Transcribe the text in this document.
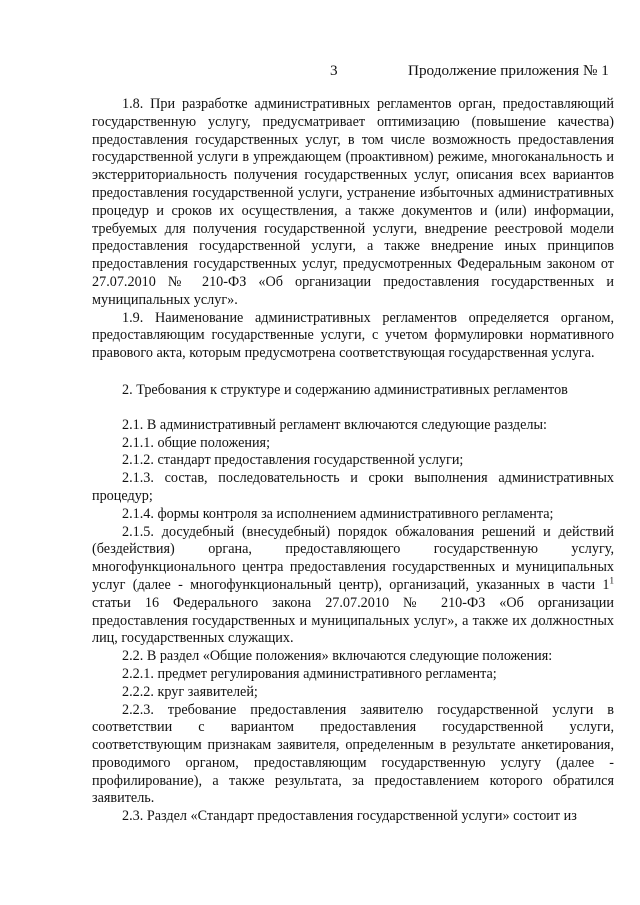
3	Продолжение приложения № 1

1.8. При разработке административных регламентов орган, предоставляющий государственную услугу, предусматривает оптимизацию (повышение качества) предоставления государственных услуг, в том числе возможность предоставления государственной услуги в упреждающем (проактивном) режиме, многоканальность и экстерриториальность получения государственных услуг, описания всех вариантов предоставления государственной услуги, устранение избыточных административных процедур и сроков их осуществления, а также документов и (или) информации, требуемых для получения государственной услуги, внедрение реестровой модели предоставления государственной услуги, а также внедрение иных принципов предоставления государственных услуг, предусмотренных Федеральным законом от 27.07.2010 № 210-ФЗ «Об организации предоставления государственных и муниципальных услуг».

1.9. Наименование административных регламентов определяется органом, предоставляющим государственные услуги, с учетом формулировки нормативного правового акта, которым предусмотрена соответствующая государственная услуга.

2. Требования к структуре и содержанию административных регламентов

2.1. В административный регламент включаются следующие разделы:

2.1.1. общие положения;

2.1.2. стандарт предоставления государственной услуги;

2.1.3. состав, последовательность и сроки выполнения административных процедур;

2.1.4. формы контроля за исполнением административного регламента;

2.1.5. досудебный (внесудебный) порядок обжалования решений и действий (бездействия) органа, предоставляющего государственную услугу, многофункционального центра предоставления государственных и муниципальных услуг (далее - многофункциональный центр), организаций, указанных в части $1^1$ статьи 16 Федерального закона 27.07.2010 № 210-ФЗ «Об организации предоставления государственных и муниципальных услуг», а также их должностных лиц, государственных служащих.

2.2. В раздел «Общие положения» включаются следующие положения:

2.2.1. предмет регулирования административного регламента;

2.2.2. круг заявителей;

2.2.3. требование предоставления заявителю государственной услуги в соответствии с вариантом предоставления государственной услуги, соответствующим признакам заявителя, определенным в результате анкетирования, проводимого органом, предоставляющим государственную услугу (далее - профилирование), а также результата, за предоставлением которого обратился заявитель.

2.3. Раздел «Стандарт предоставления государственной услуги» состоит из
